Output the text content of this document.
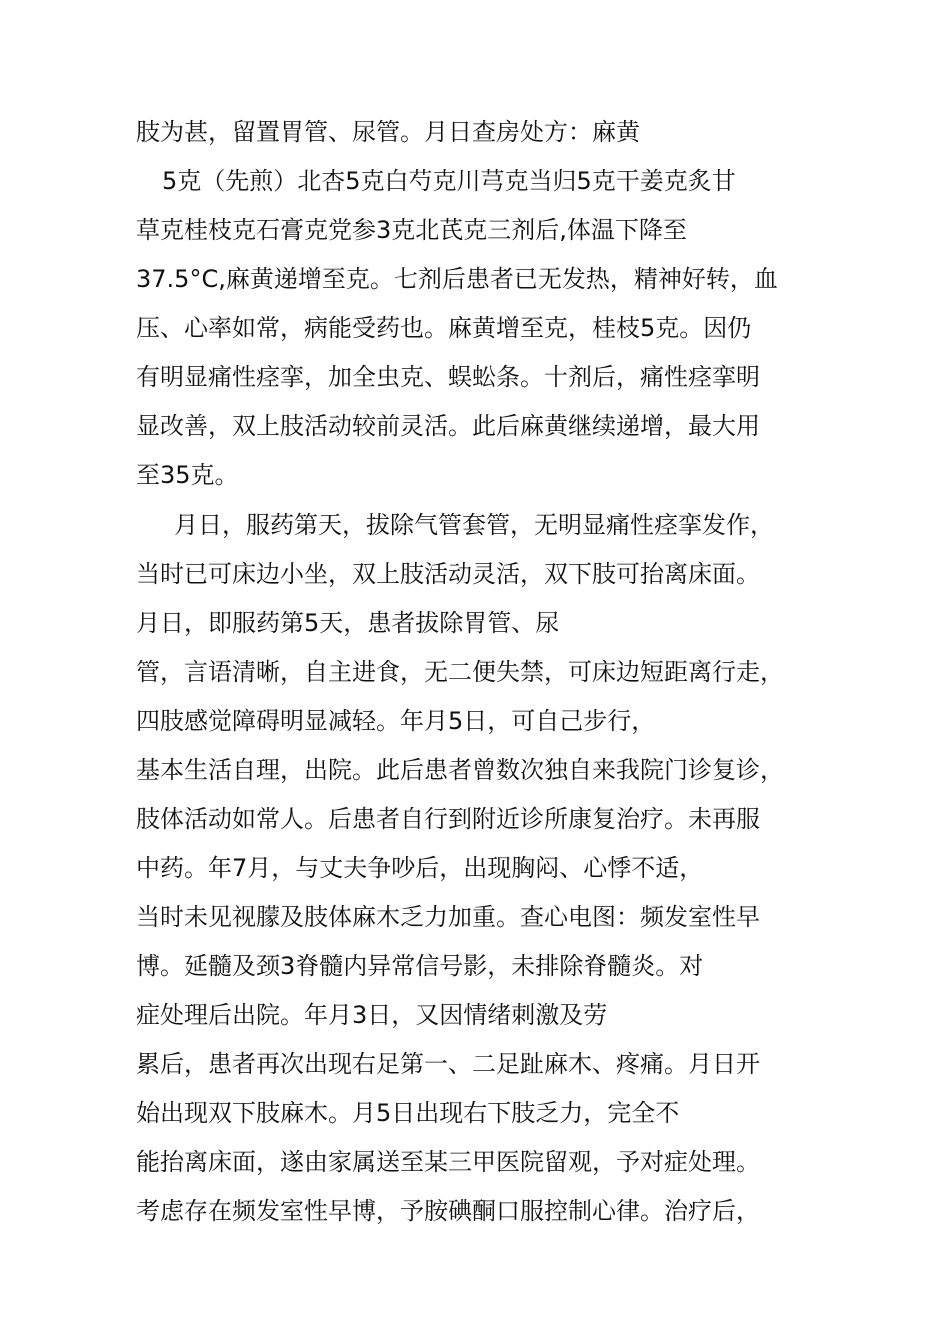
肢为甚，留置胃管、尿管。月日查房处方：麻黄

5克（先煎）北杏5克白芍克川芎克当归5克干姜克炙甘

草克桂枝克石膏克党参3克北芪克三剂后,体温下降至

37.5°C,麻黄递增至克。七剂后患者已无发热，精神好转，血

压、心率如常，病能受药也。麻黄增至克，桂枝5克。因仍

有明显痛性痉挛，加全虫克、蜈蚣条。十剂后，痛性痉挛明

显改善，双上肢活动较前灵活。此后麻黄继续递增，最大用

至35克。

月日，服药第天，拔除气管套管，无明显痛性痉挛发作，

当时已可床边小坐，双上肢活动灵活，双下肢可抬离床面。

月日，即服药第5天，患者拔除胃管、尿

管，言语清晰，自主进食，无二便失禁，可床边短距离行走，

四肢感觉障碍明显减轻。年月5日，可自己步行，

基本生活自理，出院。此后患者曾数次独自来我院门诊复诊，

肢体活动如常人。后患者自行到附近诊所康复治疗。未再服

中药。年7月，与丈夫争吵后，出现胸闷、心悸不适，

当时未见视朦及肢体麻木乏力加重。查心电图：频发室性早

博。延髓及颈3脊髓内异常信号影，未排除脊髓炎。对

症处理后出院。年月3日，又因情绪刺激及劳

累后，患者再次出现右足第一、二足趾麻木、疼痛。月日开

始出现双下肢麻木。月5日出现右下肢乏力，完全不

能抬离床面，遂由家属送至某三甲医院留观，予对症处理。

考虑存在频发室性早博，予胺碘酮口服控制心律。治疗后，
